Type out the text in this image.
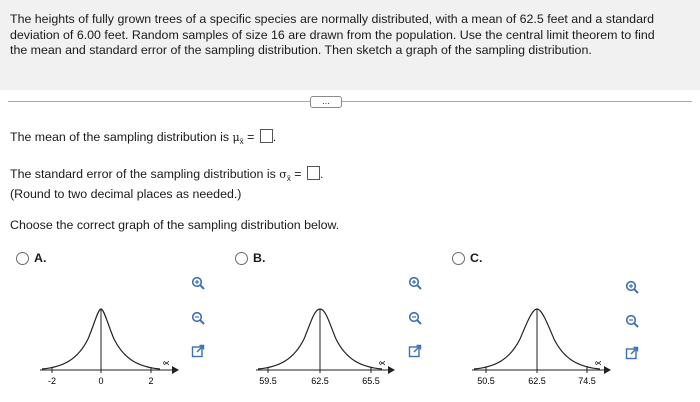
The heights of fully grown trees of a specific species are normally distributed, with a mean of 62.5 feet and a standard deviation of 6.00 feet. Random samples of size 16 are drawn from the population. Use the central limit theorem to find the mean and standard error of the sampling distribution. Then sketch a graph of the sampling distribution.
...
The mean of the sampling distribution is $\mu_{x̄}$ = .
The standard error of the sampling distribution is $\sigma_{x̄}$ = .
(Round to two decimal places as needed.)
Choose the correct graph of the sampling distribution below.
A.	B.	C.
-2	0	2
x̄
59.5	62.5	65.5
x̄
50.5	62.5	74.5
x̄
